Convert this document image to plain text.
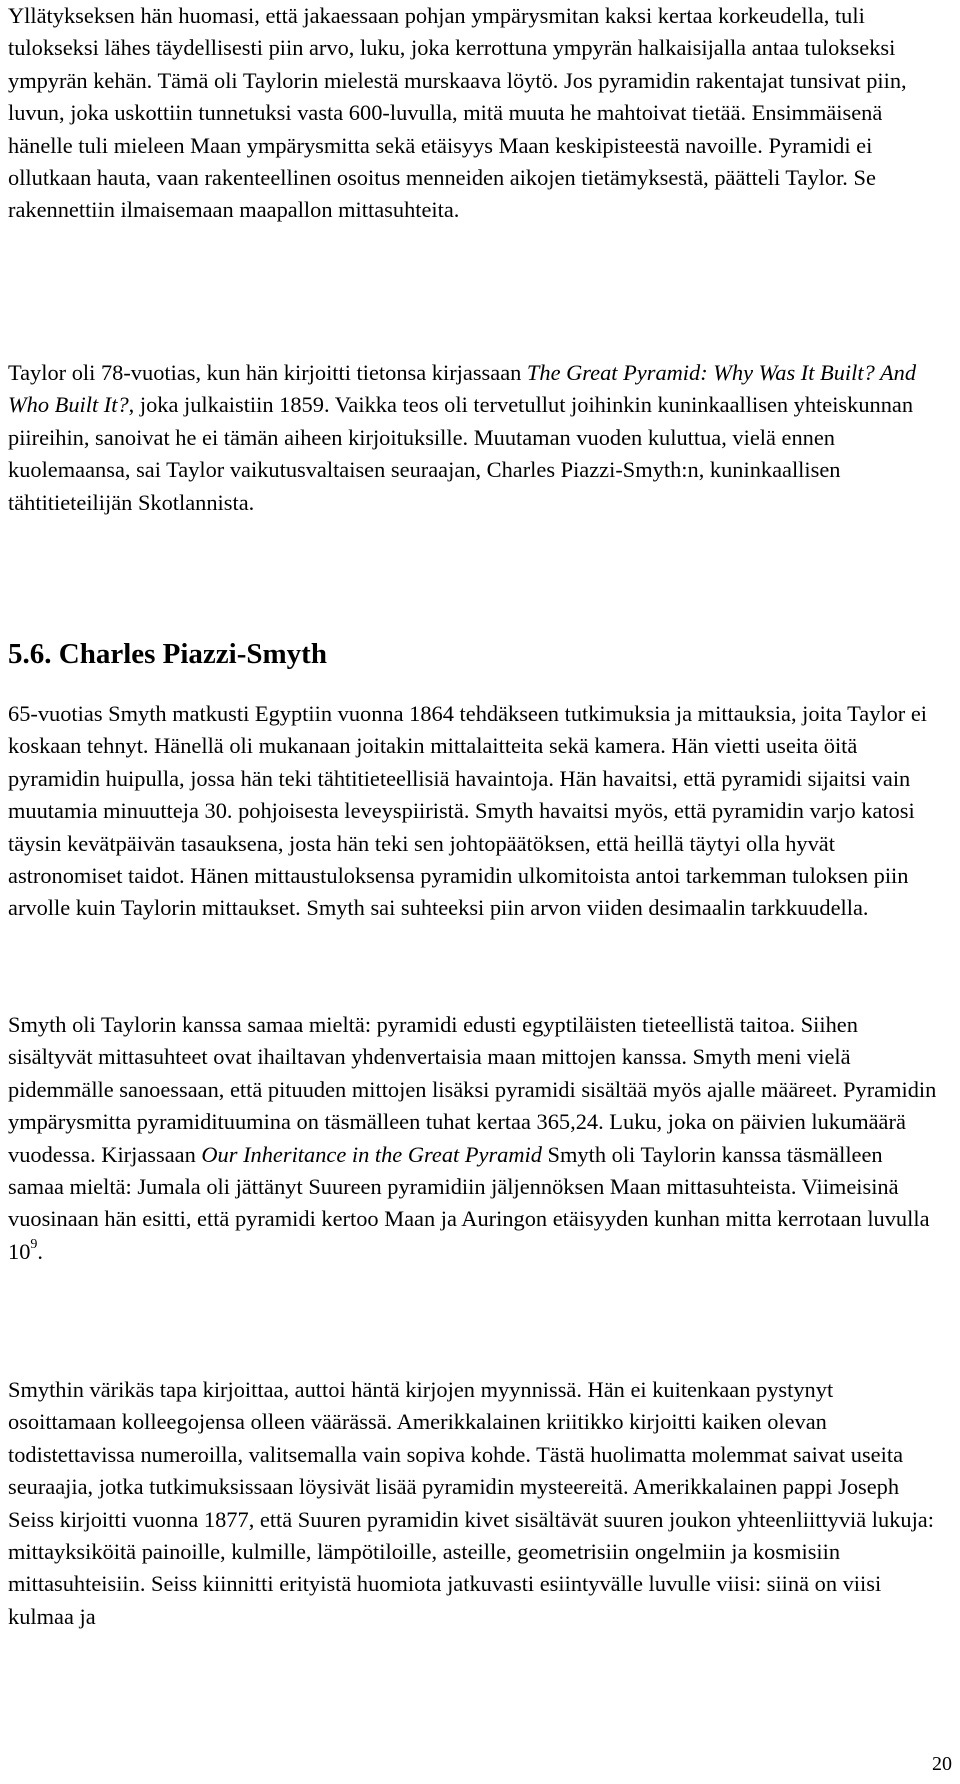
Yllätykseksen hän huomasi, että jakaessaan pohjan ympärysmitan kaksi kertaa korkeudella, tuli tulokseksi lähes täydellisesti piin arvo, luku, joka kerrottuna ympyrän halkaisijalla antaa tulokseksi ympyrän kehän. Tämä oli Taylorin mielestä murskaava löytö. Jos pyramidin rakentajat tunsivat piin, luvun, joka uskottiin tunnetuksi vasta 600-luvulla, mitä muuta he mahtoivat tietää. Ensimmäisenä hänelle tuli mieleen Maan ympärysmitta sekä etäisyys Maan keskipisteestä navoille. Pyramidi ei ollutkaan hauta, vaan rakenteellinen osoitus menneiden aikojen tietämyksestä, päätteli Taylor. Se rakennettiin ilmaisemaan maapallon mittasuhteita.

Taylor oli 78-vuotias, kun hän kirjoitti tietonsa kirjassaan The Great Pyramid: Why Was It Built? And Who Built It?, joka julkaistiin 1859. Vaikka teos oli tervetullut joihinkin kuninkaallisen yhteiskunnan piireihin, sanoivat he ei tämän aiheen kirjoituksille. Muutaman vuoden kuluttua, vielä ennen kuolemaansa, sai Taylor vaikutusvaltaisen seuraajan, Charles Piazzi-Smyth:n, kuninkaallisen tähtitieteilijän Skotlannista.

5.6. Charles Piazzi-Smyth

65-vuotias Smyth matkusti Egyptiin vuonna 1864 tehdäkseen tutkimuksia ja mittauksia, joita Taylor ei koskaan tehnyt. Hänellä oli mukanaan joitakin mittalaitteita sekä kamera. Hän vietti useita öitä pyramidin huipulla, jossa hän teki tähtitieteellisiä havaintoja. Hän havaitsi, että pyramidi sijaitsi vain muutamia minuutteja 30. pohjoisesta leveyspiiristä. Smyth havaitsi myös, että pyramidin varjo katosi täysin kevätpäivän tasauksena, josta hän teki sen johtopäätöksen, että heillä täytyi olla hyvät astronomiset taidot. Hänen mittaustuloksensa pyramidin ulkomitoista antoi tarkemman tuloksen piin arvolle kuin Taylorin mittaukset. Smyth sai suhteeksi piin arvon viiden desimaalin tarkkuudella.

Smyth oli Taylorin kanssa samaa mieltä: pyramidi edusti egyptiläisten tieteellistä taitoa. Siihen sisältyvät mittasuhteet ovat ihailtavan yhdenvertaisia maan mittojen kanssa. Smyth meni vielä pidemmälle sanoessaan, että pituuden mittojen lisäksi pyramidi sisältää myös ajalle määreet. Pyramidin ympärysmitta pyramidituumina on täsmälleen tuhat kertaa 365,24. Luku, joka on päivien lukumäärä vuodessa. Kirjassaan Our Inheritance in the Great Pyramid Smyth oli Taylorin kanssa täsmälleen samaa mieltä: Jumala oli jättänyt Suureen pyramidiin jäljennöksen Maan mittasuhteista. Viimeisinä vuosinaan hän esitti, että pyramidi kertoo Maan ja Auringon etäisyyden kunhan mitta kerrotaan luvulla $10^9$.

Smythin värikäs tapa kirjoittaa, auttoi häntä kirjojen myynnissä. Hän ei kuitenkaan pystynyt osoittamaan kolleegojensa olleen väärässä. Amerikkalainen kriitikko kirjoitti kaiken olevan todistettavissa numeroilla, valitsemalla vain sopiva kohde. Tästä huolimatta molemmat saivat useita seuraajia, jotka tutkimuksissaan löysivät lisää pyramidin mysteereitä. Amerikkalainen pappi Joseph Seiss kirjoitti vuonna 1877, että Suuren pyramidin kivet sisältävät suuren joukon yhteenliittyviä lukuja: mittayksiköitä painoille, kulmille, lämpötiloille, asteille, geometrisiin ongelmiin ja kosmisiin mittasuhteisiin. Seiss kiinnitti erityistä huomiota jatkuvasti esiintyvälle luvulle viisi: siinä on viisi kulmaa ja

20
